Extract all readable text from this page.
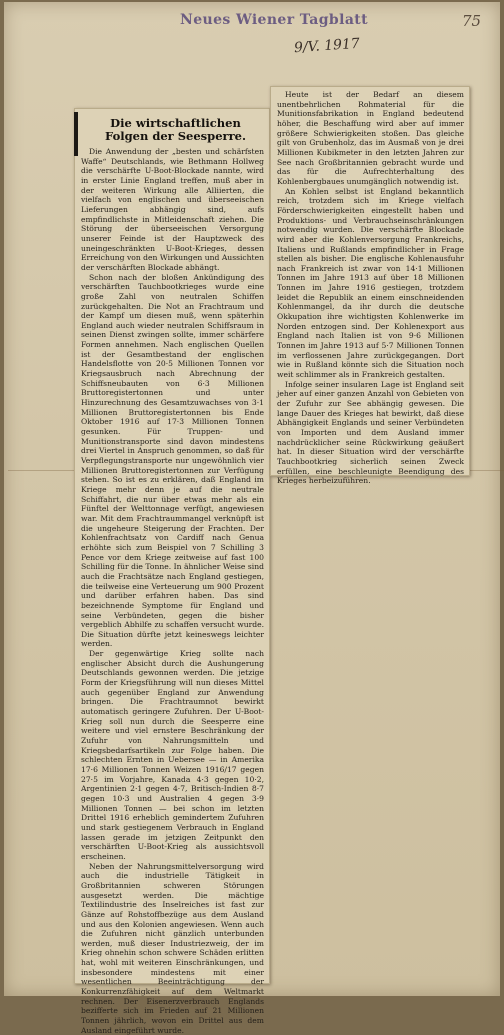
Neues Wiener Tagblatt
9/V. 1917
75
Die wirtschaftlichen Folgen der Seesperre.

Die Anwendung der „besten und schärfsten Waffe“ Deutschlands, wie Bethmann Hollweg die verschärfte U-Boot-Blockade nannte, wird in erster Linie England treffen, muß aber in der weiteren Wirkung alle Alliierten, die vielfach von englischen und überseeischen Lieferungen abhängig sind, aufs empfindlichste in Mitleidenschaft ziehen. Die Störung der überseeischen Versorgung unserer Feinde ist der Hauptzweck des uneingeschränkten U-Boot-Krieges, dessen Erreichung von den Wirkungen und Aussichten der verschärften Blockade abhängt.

Schon nach der bloßen Ankündigung des verschärften Tauchbootkrieges wurde eine große Zahl von neutralen Schiffen zurückgehalten. Die Not an Frachtraum und der Kampf um diesen muß, wenn späterhin England auch wieder neutralen Schiffsraum in seinen Dienst zwingen sollte, immer schärfere Formen annehmen. Nach englischen Quellen ist der Gesamtbestand der englischen Handelsflotte von 20·5 Millionen Tonnen vor Kriegsausbruch nach Abrechnung der Schiffsneubauten von 6·3 Millionen Bruttoregistertonnen und unter Hinzurechnung des Gesamtzuwachses von 3·1 Millionen Bruttoregistertonnen bis Ende Oktober 1916 auf 17·3 Millionen Tonnen gesunken. Für Truppen- und Munitionstransporte sind davon mindestens drei Viertel in Anspruch genommen, so daß für Verpflegungstransporte nur ungewöhnlich vier Millionen Bruttoregistertonnen zur Verfügung stehen. So ist es zu erklären, daß England im Kriege mehr denn je auf die neutrale Schiffahrt, die nur über etwas mehr als ein Fünftel der Welttonnage verfügt, angewiesen war. Mit dem Frachtraummangel verknüpft ist die ungeheure Steigerung der Frachten. Der Kohlenfrachtsatz von Cardiff nach Genua erhöhte sich zum Beispiel von 7 Schilling 3 Pence vor dem Kriege zeitweise auf fast 100 Schilling für die Tonne. In ähnlicher Weise sind auch die Frachtsätze nach England gestiegen, die teilweise eine Verteuerung um 900 Prozent und darüber erfahren haben. Das sind bezeichnende Symptome für England und seine Verbündeten, gegen die bisher vergeblich Abhilfe zu schaffen versucht wurde. Die Situation dürfte jetzt keineswegs leichter werden.

Der gegenwärtige Krieg sollte nach englischer Absicht durch die Aushungerung Deutschlands gewonnen werden. Die jetzige Form der Kriegsführung will nun dieses Mittel auch gegenüber England zur Anwendung bringen. Die Frachtraumnot bewirkt automatisch geringere Zufuhren. Der U-Boot-Krieg soll nun durch die Seesperre eine weitere und viel ernstere Beschränkung der Zufuhr von Nahrungsmitteln und Kriegsbedarfsartikeln zur Folge haben. Die schlechten Ernten in Uebersee — in Amerika 17·6 Millionen Tonnen Weizen 1916/17 gegen 27·5 im Vorjahre, Kanada 4·3 gegen 10·2, Argentinien 2·1 gegen 4·7, Britisch-Indien 8·7 gegen 10·3 und Australien 4 gegen 3·9 Millionen Tonnen — bei schon im letzten Drittel 1916 erheblich gemindertem Zufuhren und stark gestiegenem Verbrauch in England lassen gerade im jetzigen Zeitpunkt den verschärften U-Boot-Krieg als aussichtsvoll erscheinen.

Neben der Nahrungsmittelversorgung wird auch die industrielle Tätigkeit in Großbritannien schweren Störungen ausgesetzt werden. Die mächtige Textilindustrie des Inselreiches ist fast zur Gänze auf Rohstoffbezüge aus dem Ausland und aus den Kolonien angewiesen. Wenn auch die Zufuhren nicht gänzlich unterbunden werden, muß dieser Industriezweig, der im Krieg ohnehin schon schwere Schäden erlitten hat, wohl mit weiteren Einschränkungen, und insbesondere mindestens mit einer wesentlichen Beeinträchtigung der Konkurrenzfähigkeit auf dem Weltmarkt rechnen. Der Eisenerzverbrauch Englands bezifferte sich im Frieden auf 21 Millionen Tonnen jährlich, wovon ein Drittel aus dem Ausland eingeführt wurde.

Heute ist der Bedarf an diesem unentbehrlichen Rohmaterial für die Munitionsfabrikation in England bedeutend höher, die Beschaffung wird aber auf immer größere Schwierigkeiten stoßen. Das gleiche gilt von Grubenholz, das im Ausmaß von je drei Millionen Kubikmeter in den letzten Jahren zur See nach Großbritannien gebracht wurde und das für die Aufrechterhaltung des Kohlenbergbaues unumgänglich notwendig ist.

An Kohlen selbst ist England bekanntlich reich, trotzdem sich im Kriege vielfach Förderschwierigkeiten eingestellt haben und Produktions- und Verbrauchseinschränkungen notwendig wurden. Die verschärfte Blockade wird aber die Kohlenversorgung Frankreichs, Italiens und Rußlands empfindlicher in Frage stellen als bisher. Die englische Kohlenausfuhr nach Frankreich ist zwar von 14·1 Millionen Tonnen im Jahre 1913 auf über 18 Millionen Tonnen im Jahre 1916 gestiegen, trotzdem leidet die Republik an einem einschneidenden Kohlenmangel, da ihr durch die deutsche Okkupation ihre wichtigsten Kohlenwerke im Norden entzogen sind. Der Kohlenexport aus England nach Italien ist von 9·6 Millionen Tonnen im Jahre 1913 auf 5·7 Millionen Tonnen im verflossenen Jahre zurückgegangen. Dort wie in Rußland könnte sich die Situation noch weit schlimmer als in Frankreich gestalten.

Infolge seiner insularen Lage ist England seit jeher auf einer ganzen Anzahl von Gebieten von der Zufuhr zur See abhängig gewesen. Die lange Dauer des Krieges hat bewirkt, daß diese Abhängigkeit Englands und seiner Verbündeten von Importen und dem Ausland immer nachdrücklicher seine Rückwirkung geäußert hat. In dieser Situation wird der verschärfte Tauchbootkrieg sicherlich seinen Zweck erfüllen, eine beschleunigte Beendigung des Krieges herbeizuführen.
